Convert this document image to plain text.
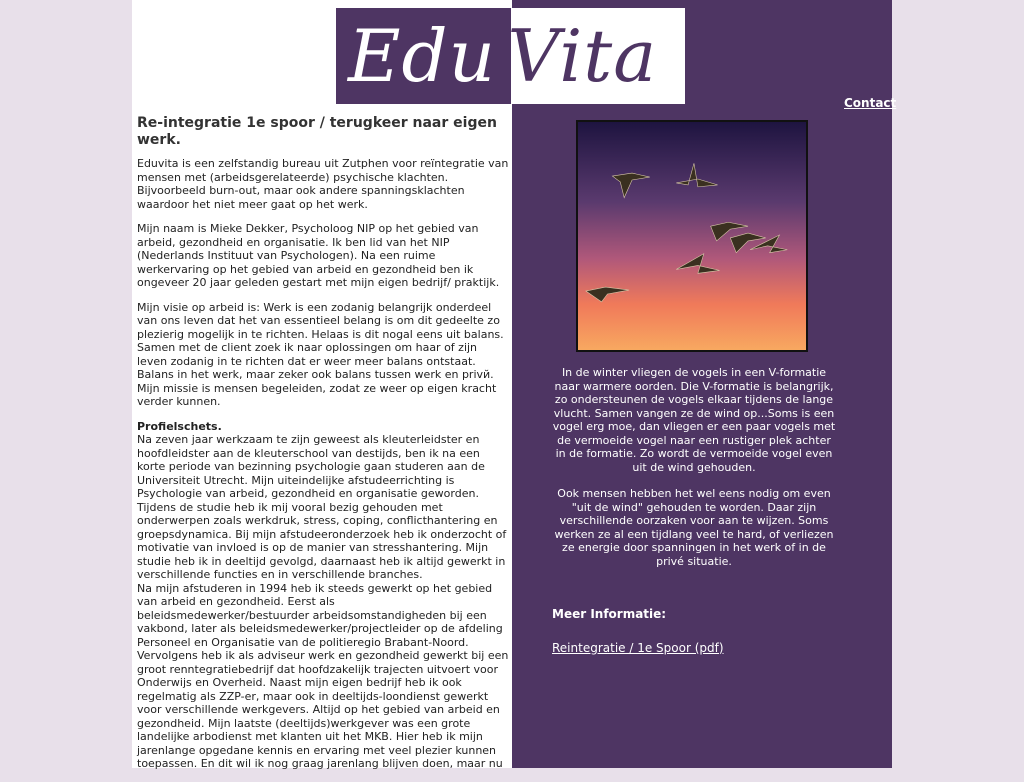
Edu Vita
Contact
Re-integratie 1e spoor / terugkeer naar eigen werk.

Eduvita is een zelfstandig bureau uit Zutphen voor reïntegratie van mensen met (arbeidsgerelateerde) psychische klachten. Bijvoorbeeld burn-out, maar ook andere spanningsklachten waardoor het niet meer gaat op het werk.

Mijn naam is Mieke Dekker, Psycholoog NIP op het gebied van arbeid, gezondheid en organisatie. Ik ben lid van het NIP (Nederlands Instituut van Psychologen). Na een ruime werkervaring op het gebied van arbeid en gezondheid ben ik ongeveer 20 jaar geleden gestart met mijn eigen bedrijf/ praktijk.

Mijn visie op arbeid is: Werk is een zodanig belangrijk onderdeel van ons leven dat het van essentieel belang is om dit gedeelte zo plezierig mogelijk in te richten. Helaas is dit nogal eens uit balans. Samen met de client zoek ik naar oplossingen om haar of zijn leven zodanig in te richten dat er weer meer balans ontstaat. Balans in het werk, maar zeker ook balans tussen werk en privй. Mijn missie is mensen begeleiden, zodat ze weer op eigen kracht verder kunnen.

Profielschets.
Na zeven jaar werkzaam te zijn geweest als kleuterleidster en hoofdleidster aan de kleuterschool van destijds, ben ik na een korte periode van bezinning psychologie gaan studeren aan de Universiteit Utrecht. Mijn uiteindelijke afstudeerrichting is Psychologie van arbeid, gezondheid en organisatie geworden. Tijdens de studie heb ik mij vooral bezig gehouden met onderwerpen zoals werkdruk, stress, coping, conflicthantering en groepsdynamica. Bij mijn afstudeeronderzoek heb ik onderzocht of motivatie van invloed is op de manier van stresshantering. Mijn studie heb ik in deeltijd gevolgd, daarnaast heb ik altijd gewerkt in verschillende functies en in verschillende branches.
Na mijn afstuderen in 1994 heb ik steeds gewerkt op het gebied van arbeid en gezondheid. Eerst als beleidsmedewerker/bestuurder arbeidsomstandigheden bij een vakbond, later als beleidsmedewerker/projectleider op de afdeling Personeel en Organisatie van de politieregio Brabant-Noord. Vervolgens heb ik als adviseur werk en gezondheid gewerkt bij een groot renntegratiebedrijf dat hoofdzakelijk trajecten uitvoert voor Onderwijs en Overheid. Naast mijn eigen bedrijf heb ik ook regelmatig als ZZP-er, maar ook in deeltijds-loondienst gewerkt voor verschillende werkgevers. Altijd op het gebied van arbeid en gezondheid. Mijn laatste (deeltijds)werkgever was een grote landelijke arbodienst met klanten uit het MKB. Hier heb ik mijn jarenlange opgedane kennis en ervaring met veel plezier kunnen toepassen. En dit wil ik nog graag jarenlang blijven doen, maar nu

In de winter vliegen de vogels in een V-formatie naar warmere oorden. Die V-formatie is belangrijk, zo ondersteunen de vogels elkaar tijdens de lange vlucht. Samen vangen ze de wind op...Soms is een vogel erg moe, dan vliegen er een paar vogels met de vermoeide vogel naar een rustiger plek achter in de formatie. Zo wordt de vermoeide vogel even uit de wind gehouden.

Ook mensen hebben het wel eens nodig om even "uit de wind" gehouden te worden. Daar zijn verschillende oorzaken voor aan te wijzen. Soms werken ze al een tijdlang veel te hard, of verliezen ze energie door spanningen in het werk of in de privé situatie.

Meer Informatie:
Reintegratie / 1e Spoor (pdf)
